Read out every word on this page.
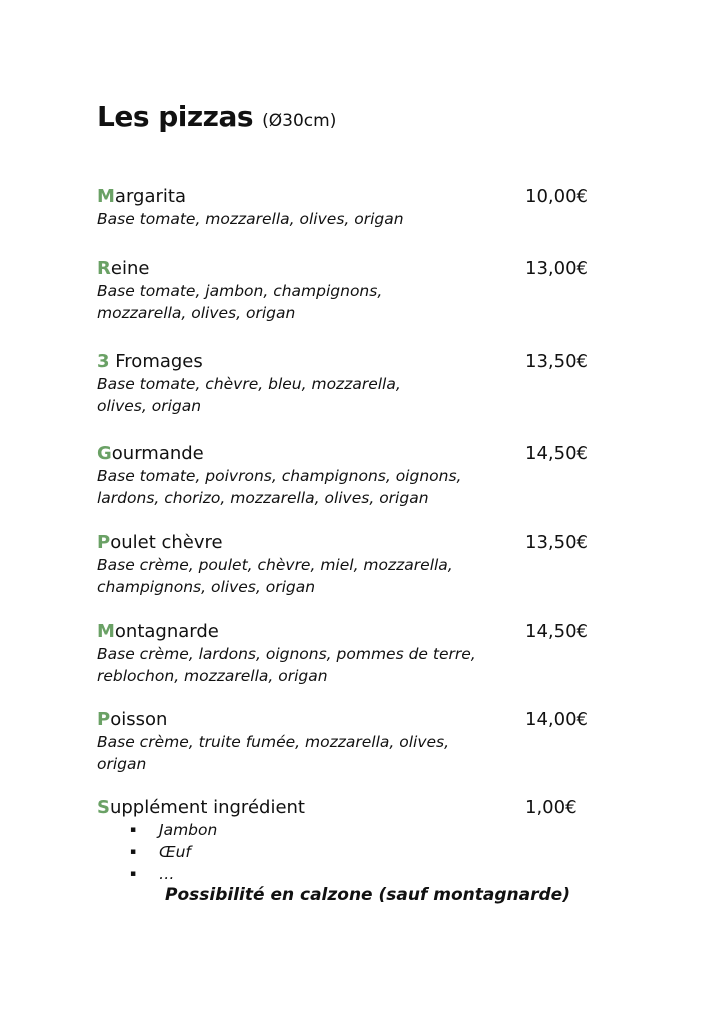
Les pizzas (Ø30cm)
Margarita	10,00€
Base tomate, mozzarella, olives, origan
Reine	13,00€
Base tomate, jambon, champignons,
mozzarella, olives, origan
3 Fromages	13,50€
Base tomate, chèvre, bleu, mozzarella,
olives, origan
Gourmande	14,50€
Base tomate, poivrons, champignons, oignons,
lardons, chorizo, mozzarella, olives, origan
Poulet chèvre	13,50€
Base crème, poulet, chèvre, miel, mozzarella,
champignons, olives, origan
Montagnarde	14,50€
Base crème, lardons, oignons, pommes de terre,
reblochon, mozzarella, origan
Poisson	14,00€
Base crème, truite fumée, mozzarella, olives,
origan
Supplément ingrédient	1,00€
▪ Jambon
▪ Œuf
▪ …
Possibilité en calzone (sauf montagnarde)
